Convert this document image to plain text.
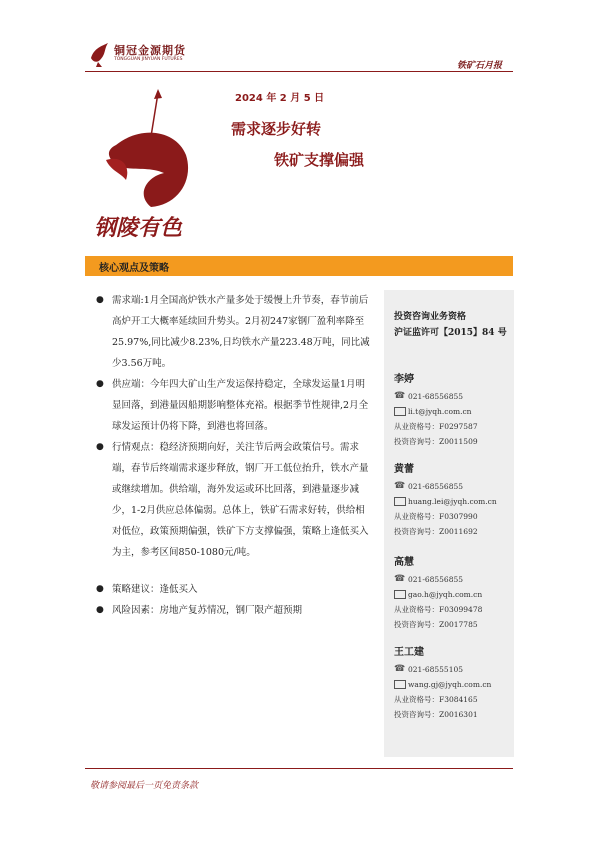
铜冠金源期货
TONGGUAN JINYUAN FUTURES
铁矿石月报
钢陵有色
2024 年 2 月 5 日
需求逐步好转
铁矿支撑偏强
核心观点及策略

● 需求端:1月全国高炉铁水产量多处于缓慢上升节奏，春节前后高炉开工大概率延续回升势头。2月初247家钢厂盈利率降至25.97%,同比减少8.23%,日均铁水产量223.48万吨，同比减少3.56万吨。

● 供应端：今年四大矿山生产发运保持稳定，全球发运量1月明显回落，到港量因船期影响整体充裕。根据季节性规律,2月全球发运预计仍将下降，到港也将回落。

● 行情观点：稳经济预期向好，关注节后两会政策信号。需求端，春节后终端需求逐步释放，钢厂开工低位抬升，铁水产量或继续增加。供给端，海外发运或环比回落，到港量逐步减少，1-2月供应总体偏弱。总体上，铁矿石需求好转，供给相对低位，政策预期偏强，铁矿下方支撑偏强，策略上逢低买入为主，参考区间850-1080元/吨。

● 策略建议：逢低买入

● 风险因素：房地产复苏情况，钢厂限产超预期

投资咨询业务资格
沪证监许可【2015】84 号
李婷
☎ 021-68556855
li.t@jyqh.com.cn
从业资格号：F0297587
投资咨询号：Z0011509
黄蕾
☎ 021-68556855
huang.lei@jyqh.com.cn
从业资格号：F0307990
投资咨询号：Z0011692
高慧
☎ 021-68556855
gao.h@jyqh.com.cn
从业资格号：F03099478
投资咨询号：Z0017785
王工建
☎ 021-68555105
wang.gj@jyqh.com.cn
从业资格号：F3084165
投资咨询号：Z0016301
敬请参阅最后一页免责条款
